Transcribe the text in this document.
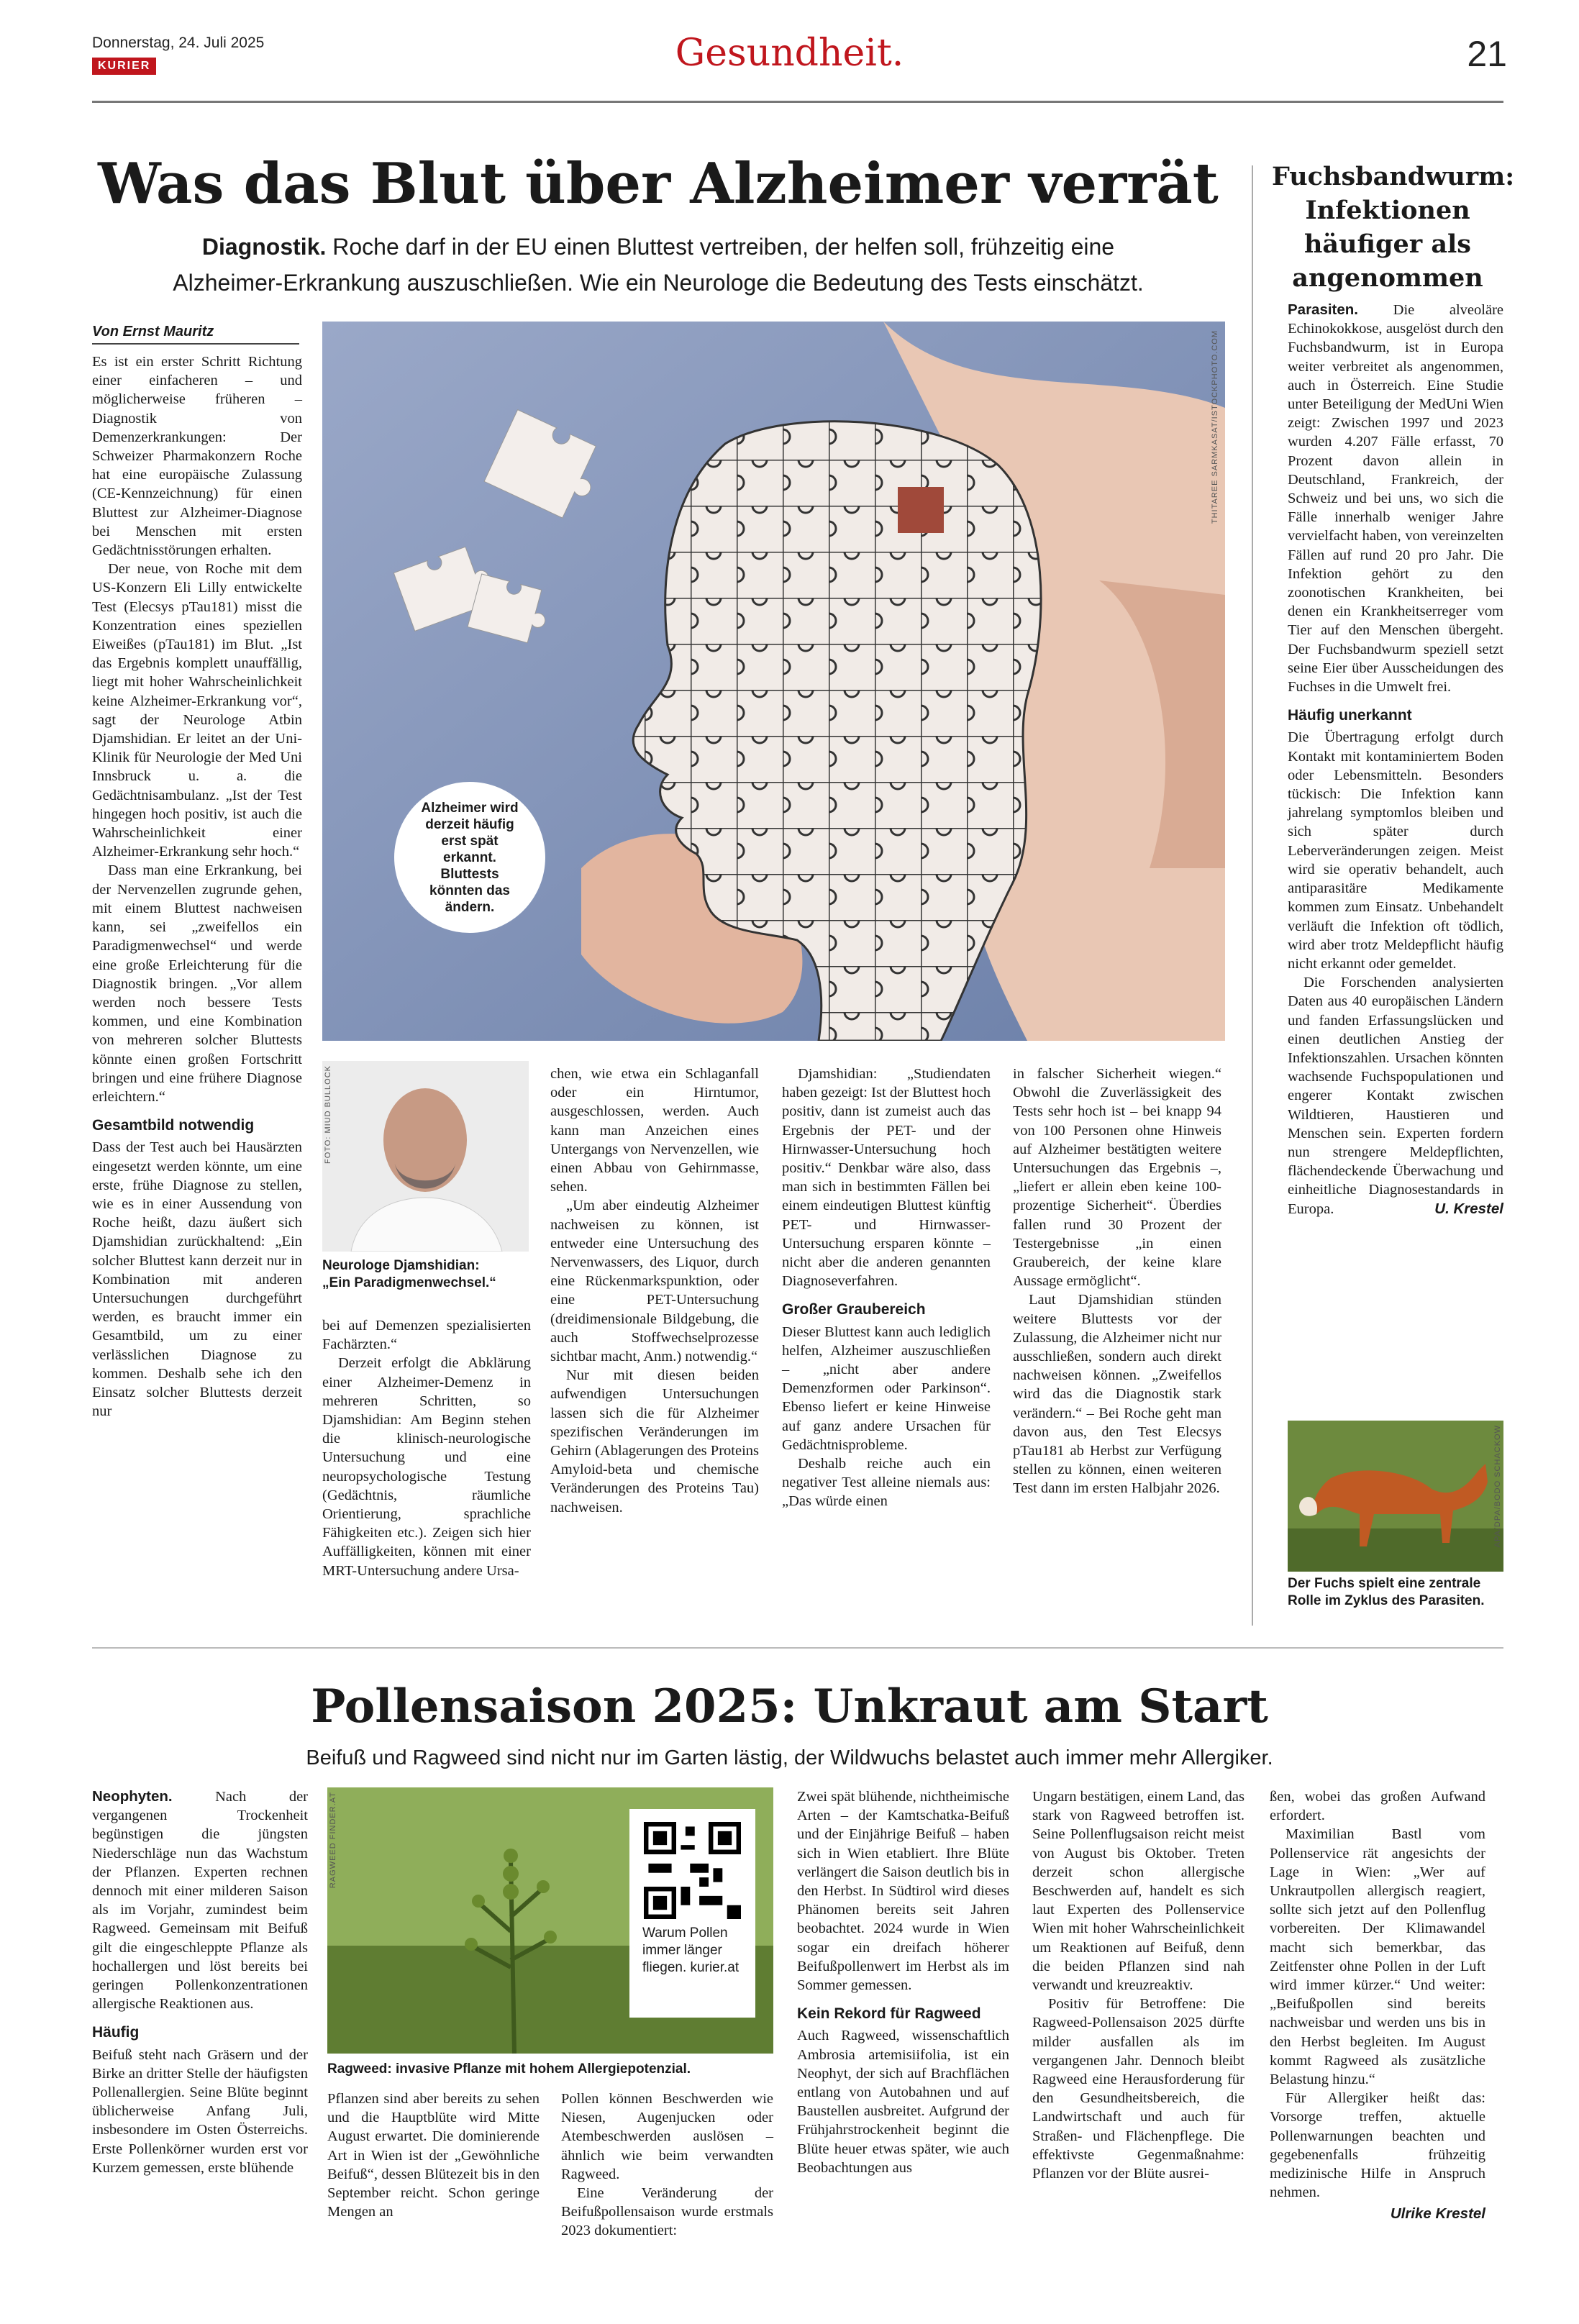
Donnerstag, 24. Juli 2025
KURIER	Gesundheit.	21
Was das Blut über Alzheimer verrät
Diagnostik. Roche darf in der EU einen Bluttest vertreiben, der helfen soll, frühzeitig eine
Alzheimer-Erkrankung auszuschließen. Wie ein Neurologe die Bedeutung des Tests einschätzt.
Von Ernst Mauritz

Es ist ein erster Schritt Richtung einer einfacheren – und möglicherweise früheren – Diagnostik von Demenzerkrankungen: Der Schweizer Pharmakonzern Roche hat eine europäische Zulassung (CE-Kennzeichnung) für einen Bluttest zur Alzheimer-Diagnose bei Menschen mit ersten Gedächtnisstörungen erhalten.

Der neue, von Roche mit dem US-Konzern Eli Lilly entwickelte Test (Elecsys pTau181) misst die Konzentration eines speziellen Eiweißes (pTau181) im Blut. „Ist das Ergebnis komplett unauffällig, liegt mit hoher Wahrscheinlichkeit keine Alzheimer-Erkrankung vor“, sagt der Neurologe Atbin Djamshidian. Er leitet an der Uni-Klinik für Neurologie der Med Uni Innsbruck u. a. die Gedächtnisambulanz. „Ist der Test hingegen hoch positiv, ist auch die Wahrscheinlichkeit einer Alzheimer-Erkrankung sehr hoch.“

Dass man eine Erkrankung, bei der Nervenzellen zugrunde gehen, mit einem Bluttest nachweisen kann, sei „zweifellos ein Paradigmenwechsel“ und werde eine große Erleichterung für die Diagnostik bringen. „Vor allem werden noch bessere Tests kommen, und eine Kombination von mehreren solcher Bluttests könnte einen großen Fortschritt bringen und eine frühere Diagnose erleichtern.“

Gesamtbild notwendig

Dass der Test auch bei Hausärzten eingesetzt werden könnte, um eine erste, frühe Diagnose zu stellen, wie es in einer Aussendung von Roche heißt, dazu äußert sich Djamshidian zurückhaltend: „Ein solcher Bluttest kann derzeit nur in Kombination mit anderen Untersuchungen durchgeführt werden, es braucht immer ein Gesamtbild, um zu einer verlässlichen Diagnose zu kommen. Deshalb sehe ich den Einsatz solcher Bluttests derzeit nur

THITAREE SARMKASAT/ISTOCKPHOTO.COM
Alzheimer wird derzeit häufig erst spät erkannt. Bluttests könnten das ändern.
FOTO: MIUD BULLOCK
Neurologe Djamshidian:
„Ein Paradigmenwechsel.“

bei auf Demenzen spezialisierten Fachärzten.“

Derzeit erfolgt die Abklärung einer Alzheimer-Demenz in mehreren Schritten, so Djamshidian: Am Beginn stehen die klinisch-neurologische Untersuchung und eine neuropsychologische Testung (Gedächtnis, räumliche Orientierung, sprachliche Fähigkeiten etc.). Zeigen sich hier Auffälligkeiten, können mit einer MRT-Untersuchung andere Ursa-

chen, wie etwa ein Schlaganfall oder ein Hirntumor, ausgeschlossen, werden. Auch kann man Anzeichen eines Untergangs von Nervenzellen, wie einen Abbau von Gehirnmasse, sehen.

„Um aber eindeutig Alzheimer nachweisen zu können, ist entweder eine Untersuchung des Nervenwassers, des Liquor, durch eine Rückenmarkspunktion, oder eine PET-Untersuchung (dreidimensionale Bildgebung, die auch Stoffwechselprozesse sichtbar macht, Anm.) notwendig.“

Nur mit diesen beiden aufwendigen Untersuchungen lassen sich die für Alzheimer spezifischen Veränderungen im Gehirn (Ablagerungen des Proteins Amyloid-beta und chemische Veränderungen des Proteins Tau) nachweisen.

Djamshidian: „Studiendaten haben gezeigt: Ist der Bluttest hoch positiv, dann ist zumeist auch das Ergebnis der PET- und der Hirnwasser-Untersuchung hoch positiv.“ Denkbar wäre also, dass man sich in bestimmten Fällen bei einem eindeutigen Bluttest künftig PET- und Hirnwasser-Untersuchung ersparen könnte – nicht aber die anderen genannten Diagnoseverfahren.

Großer Graubereich

Dieser Bluttest kann auch lediglich helfen, Alzheimer auszuschließen – „nicht aber andere Demenzformen oder Parkinson“. Ebenso liefert er keine Hinweise auf ganz andere Ursachen für Gedächtnisprobleme.

Deshalb reiche auch ein negativer Test alleine niemals aus: „Das würde einen

in falscher Sicherheit wiegen.“ Obwohl die Zuverlässigkeit des Tests sehr hoch ist – bei knapp 94 von 100 Personen ohne Hinweis auf Alzheimer bestätigten weitere Untersuchungen das Ergebnis –, „liefert er allein eben keine 100-prozentige Sicherheit“. Überdies fallen rund 30 Prozent der Testergebnisse „in einen Graubereich, der keine klare Aussage ermöglicht“.

Laut Djamshidian stünden weitere Bluttests vor der Zulassung, die Alzheimer nicht nur ausschließen, sondern auch direkt nachweisen können. „Zweifellos wird das die Diagnostik stark verändern.“ – Bei Roche geht man davon aus, den Test Elecsys pTau181 ab Herbst zur Verfügung stellen zu können, einen weiteren Test dann im ersten Halbjahr 2026.

Fuchsbandwurm: Infektionen häufiger als angenommen

Parasiten. Die alveoläre Echinokokkose, ausgelöst durch den Fuchsbandwurm, ist in Europa weiter verbreitet als angenommen, auch in Österreich. Eine Studie unter Beteiligung der MedUni Wien zeigt: Zwischen 1997 und 2023 wurden 4.207 Fälle erfasst, 70 Prozent davon allein in Deutschland, Frankreich, der Schweiz und bei uns, wo sich die Fälle innerhalb weniger Jahre vervielfacht haben, von vereinzelten Fällen auf rund 20 pro Jahr. Die Infektion gehört zu den zoonotischen Krankheiten, bei denen ein Krankheitserreger vom Tier auf den Menschen übergeht. Der Fuchsbandwurm speziell setzt seine Eier über Ausscheidungen des Fuchses in die Umwelt frei.

Häufig unerkannt

Die Übertragung erfolgt durch Kontakt mit kontaminiertem Boden oder Lebensmitteln. Besonders tückisch: Die Infektion kann jahrelang symptomlos bleiben und sich später durch Leberveränderungen zeigen. Meist wird sie operativ behandelt, auch antiparasitäre Medikamente kommen zum Einsatz. Unbehandelt verläuft die Infektion oft tödlich, wird aber trotz Meldepflicht häufig nicht erkannt oder gemeldet.

Die Forschenden analysierten Daten aus 40 europäischen Ländern und fanden Erfassungslücken und einen deutlichen Anstieg der Infektionszahlen. Ursachen könnten wachsende Fuchspopulationen und engerer Kontakt zwischen Wildtieren, Haustieren und Menschen sein. Experten fordern nun strengere Meldepflichten, flächendeckende Überwachung und einheitliche Diagnosestandards in Europa.	U. Krestel
APA/DPA/BODO SCHACKOW
Der Fuchs spielt eine zentrale Rolle im Zyklus des Parasiten.
Pollensaison 2025: Unkraut am Start
Beifuß und Ragweed sind nicht nur im Garten lästig, der Wildwuchs belastet auch immer mehr Allergiker.

Neophyten.	Nach der vergangenen Trockenheit begünstigen die jüngsten Niederschläge nun das Wachstum der Pflanzen. Experten rechnen dennoch mit einer milderen Saison als im Vorjahr, zumindest beim Ragweed. Gemeinsam mit Beifuß gilt die eingeschleppte Pflanze als hochallergen und löst bereits bei geringen Pollenkonzentrationen allergische Reaktionen aus.

Häufig

Beifuß steht nach Gräsern und der Birke an dritter Stelle der häufigsten Pollenallergien. Seine Blüte beginnt üblicherweise Anfang Juli, insbesondere im Osten Österreichs. Erste Pollenkörner wurden erst vor Kurzem gemessen, erste blühende

RAGWEED FINDER.AT
Warum Pollen immer länger fliegen. kurier.at
Ragweed: invasive Pflanze mit hohem Allergiepotenzial.

Pflanzen sind aber bereits zu sehen und die Hauptblüte wird Mitte August erwartet. Die dominierende Art in Wien ist der „Gewöhnliche Beifuß“, dessen Blütezeit bis in den September reicht. Schon geringe Mengen an

Pollen können Beschwerden wie Niesen, Augenjucken oder Atembeschwerden auslösen – ähnlich wie beim verwandten Ragweed.

Eine Veränderung der Beifußpollensaison wurde erstmals 2023 dokumentiert:

Zwei spät blühende, nichtheimische Arten – der Kamtschatka-Beifuß und der Einjährige Beifuß – haben sich in Wien etabliert. Ihre Blüte verlängert die Saison deutlich bis in den Herbst. In Südtirol wird dieses Phänomen bereits seit Jahren beobachtet. 2024 wurde in Wien sogar ein dreifach höherer Beifußpollenwert im Herbst als im Sommer gemessen.

Kein Rekord für Ragweed

Auch Ragweed, wissenschaftlich Ambrosia artemisiifolia, ist ein Neophyt, der sich auf Brachflächen entlang von Autobahnen und auf Baustellen ausbreitet. Aufgrund der Frühjahrstrockenheit beginnt die Blüte heuer etwas später, wie auch Beobachtungen aus

Ungarn bestätigen, einem Land, das stark von Ragweed betroffen ist. Seine Pollenflugsaison reicht meist von August bis Oktober. Treten derzeit schon allergische Beschwerden auf, handelt es sich laut Experten des Pollenservice Wien mit hoher Wahrscheinlichkeit um Reaktionen auf Beifuß, denn die beiden Pflanzen sind nah verwandt und kreuzreaktiv.

Positiv für Betroffene: Die Ragweed-Pollensaison 2025 dürfte milder ausfallen als im vergangenen Jahr. Dennoch bleibt Ragweed eine Herausforderung für den Gesundheitsbereich, die Landwirtschaft und auch für Straßen- und Flächenpflege. Die effektivste Gegenmaßnahme: Pflanzen vor der Blüte ausrei-

ßen, wobei das großen Aufwand erfordert.

Maximilian Bastl vom Pollenservice rät angesichts der Lage in Wien: „Wer auf Unkrautpollen allergisch reagiert, sollte sich jetzt auf den Pollenflug vorbereiten. Der Klimawandel macht sich bemerkbar, das Zeitfenster ohne Pollen in der Luft wird immer kürzer.“ Und weiter: „Beifußpollen sind bereits nachweisbar und werden uns bis in den Herbst begleiten. Im August kommt Ragweed als zusätzliche Belastung hinzu.“

Für Allergiker heißt das: Vorsorge treffen, aktuelle Pollenwarnungen beachten und gegebenenfalls frühzeitig medizinische Hilfe in Anspruch nehmen.

Ulrike Krestel
